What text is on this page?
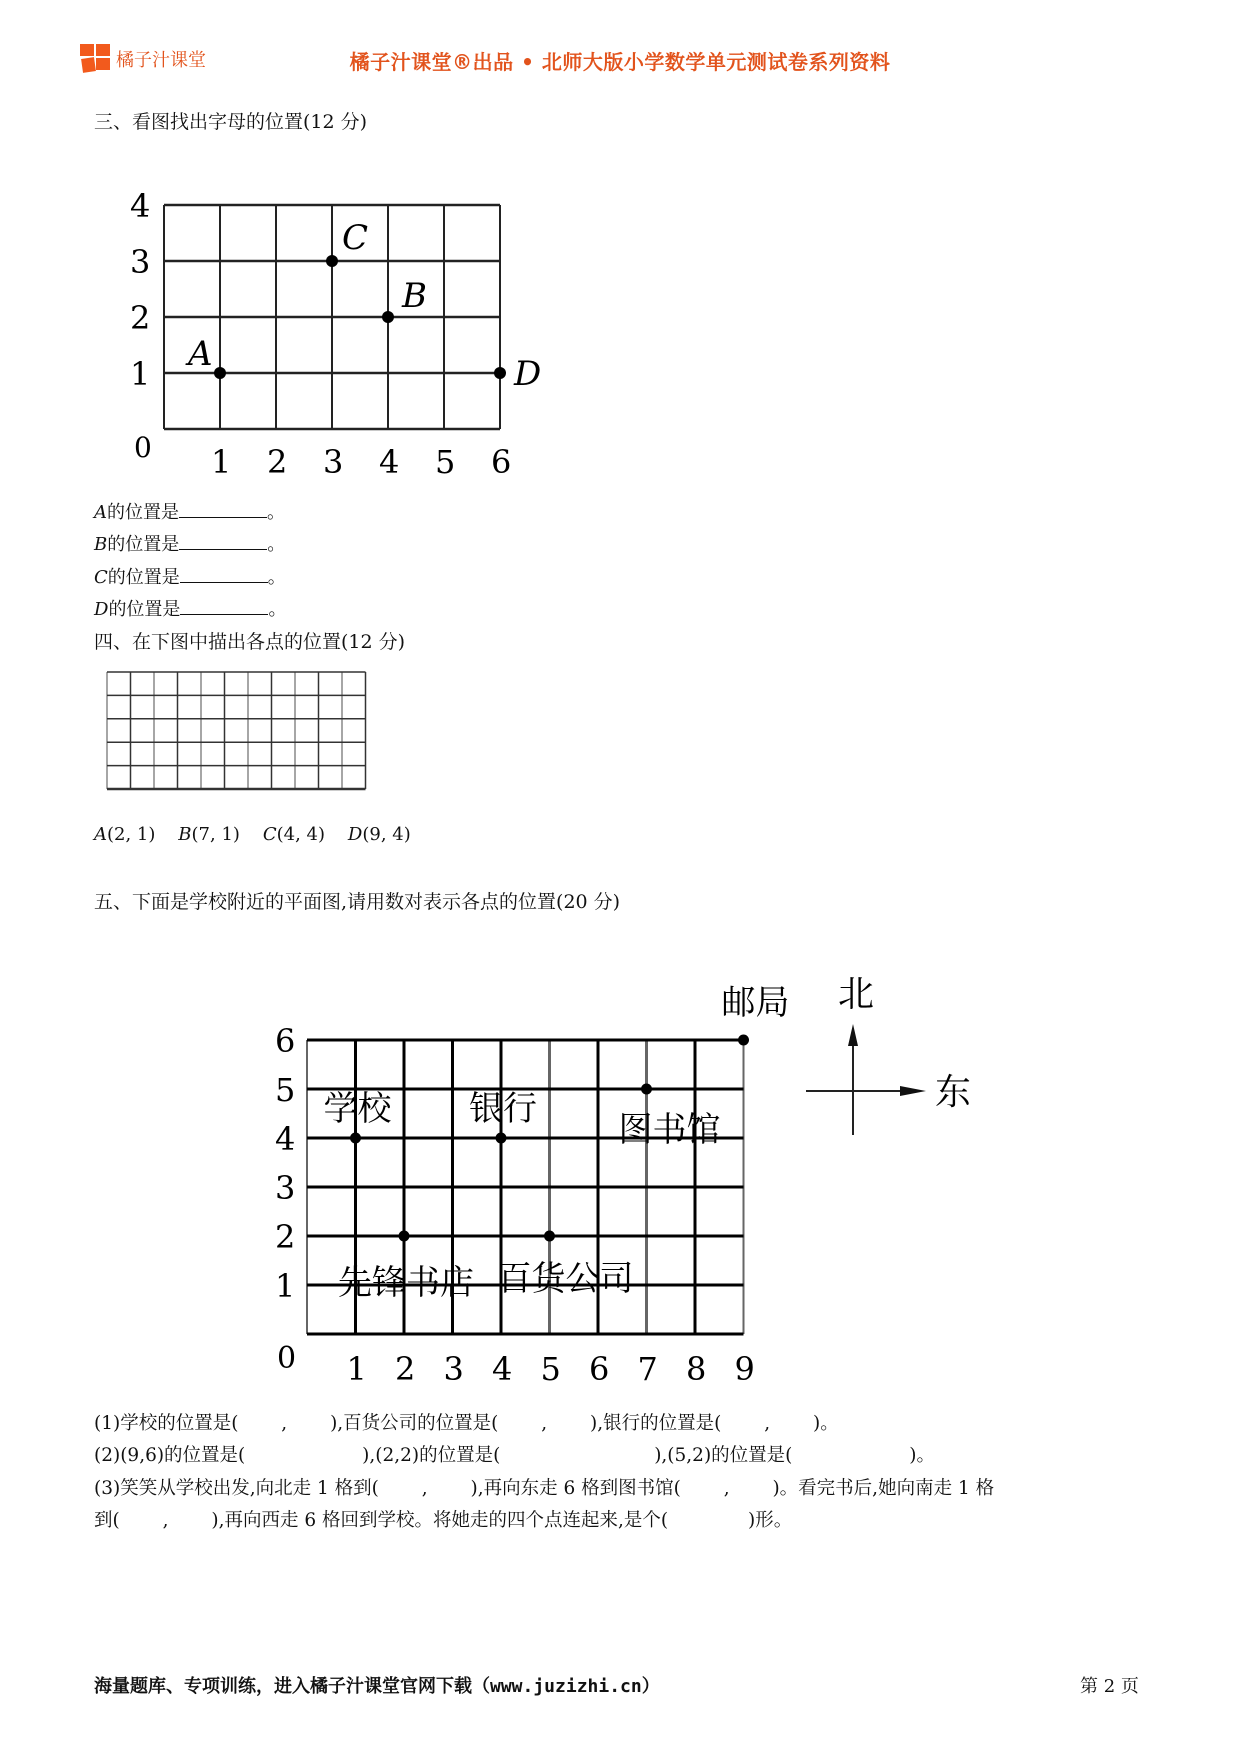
橘子汁课堂	橘子汁课堂®出品 • 北师大版小学数学单元测试卷系列资料
三、看图找出字母的位置(12 分)
0 1 2 3 4 5 6
1
2
3
4
A
B
C
D
A的位置是	。
B的位置是	。
C的位置是	。
D的位置是	。
四、在下图中描出各点的位置(12 分)
A(2, 1) B(7, 1) C(4, 4) D(9, 4)
五、下面是学校附近的平面图,请用数对表示各点的位置(20 分)
0 1 2 3 4 5 6 7 8 9
1
2
3
4
5
6
学校 银行
图书馆
邮局
先锋书店 百货公司
北
东
(1)学校的位置是(　　 ,　　 ),百货公司的位置是(　　 ,　　 ),银行的位置是(　　 ,　　 )。
(2)(9,6)的位置是(　　　　　　 ),(2,2)的位置是(　　　　　　　　 ),(5,2)的位置是(　　　　　　 )。
(3)笑笑从学校出发,向北走 1 格到(　　 ,　　 ),再向东走 6 格到图书馆(　　 ,　　 )。看完书后,她向南走 1 格
到(　　 ,　　 ),再向西走 6 格回到学校。将她走的四个点连起来,是个(　　　　 )形。
海量题库、专项训练，进入橘子汁课堂官网下载（www.juzizhi.cn）	第 2 页
